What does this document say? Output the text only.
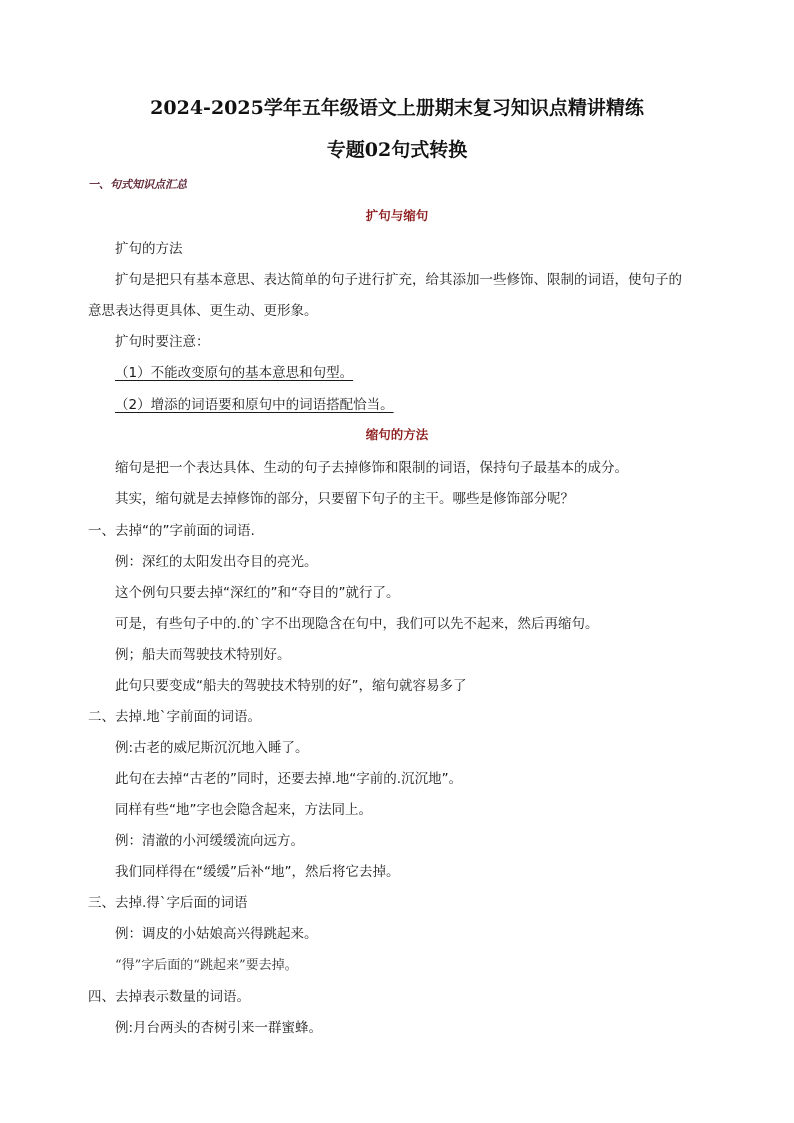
2024-2025学年五年级语文上册期末复习知识点精讲精练
专题02句式转换
一、句式知识点汇总
扩句与缩句
扩句的方法
扩句是把只有基本意思、表达简单的句子进行扩充，给其添加一些修饰、限制的词语，使句子的
意思表达得更具体、更生动、更形象。
扩句时要注意：
（1）不能改变原句的基本意思和句型。
（2）增添的词语要和原句中的词语搭配恰当。
缩句的方法
缩句是把一个表达具体、生动的句子去掉修饰和限制的词语，保持句子最基本的成分。
其实，缩句就是去掉修饰的部分，只要留下句子的主干。哪些是修饰部分呢？
一、去掉“的”字前面的词语.
例：深红的太阳发出夺目的亮光。
这个例句只要去掉“深红的”和“夺目的”就行了。
可是，有些句子中的.的`字不出现隐含在句中，我们可以先不起来，然后再缩句。
例；船夫而驾驶技术特别好。
此句只要变成“船夫的驾驶技术特别的好”，缩句就容易多了
二、去掉.地`字前面的词语。
例:古老的威尼斯沉沉地入睡了。
此句在去掉“古老的”同时，还要去掉.地“字前的.沉沉地”。
同样有些“地”字也会隐含起来，方法同上。
例：清澈的小河缓缓流向远方。
我们同样得在“缓缓”后补“地”，然后将它去掉。
三、去掉.得`字后面的词语
例：调皮的小姑娘高兴得跳起来。
“得”字后面的“跳起来”要去掉。
四、去掉表示数量的词语。
例:月台两头的杏树引来一群蜜蜂。
